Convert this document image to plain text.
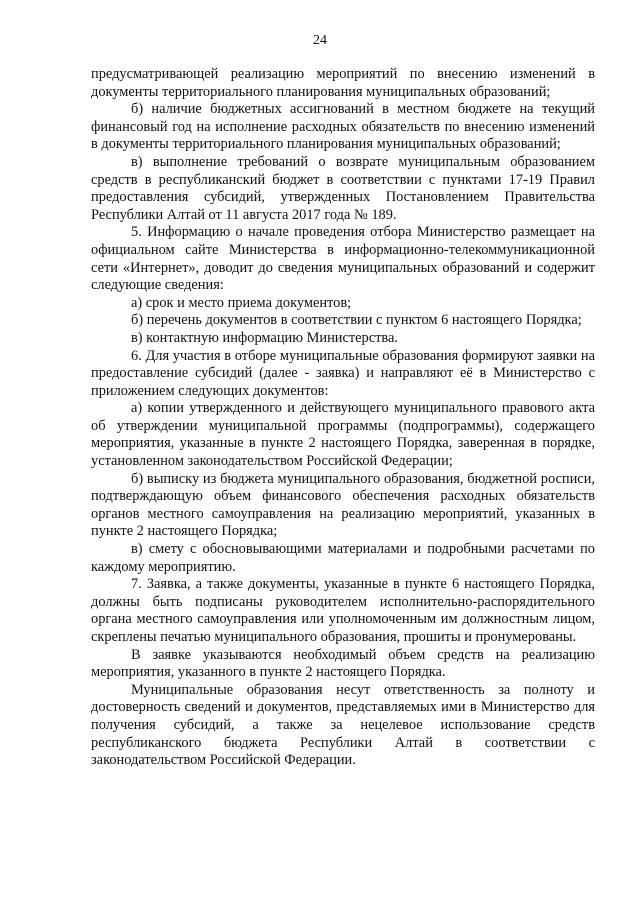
24

предусматривающей реализацию мероприятий по внесению изменений в документы территориального планирования муниципальных образований;

б) наличие бюджетных ассигнований в местном бюджете на текущий финансовый год на исполнение расходных обязательств по внесению изменений в документы территориального планирования муниципальных образований;

в) выполнение требований о возврате муниципальным образованием средств в республиканский бюджет в соответствии с пунктами 17-19 Правил предоставления субсидий, утвержденных Постановлением Правительства Республики Алтай от 11 августа 2017 года № 189.

5. Информацию о начале проведения отбора Министерство размещает на официальном сайте Министерства в информационно-телекоммуникационной сети «Интернет», доводит до сведения муниципальных образований и содержит следующие сведения:

а) срок и место приема документов;

б) перечень документов в соответствии с пунктом 6 настоящего Порядка;

в) контактную информацию Министерства.

6. Для участия в отборе муниципальные образования формируют заявки на предоставление субсидий (далее - заявка) и направляют её в Министерство с приложением следующих документов:

а) копии утвержденного и действующего муниципального правового акта об утверждении муниципальной программы (подпрограммы), содержащего мероприятия, указанные в пункте 2 настоящего Порядка, заверенная в порядке, установленном законодательством Российской Федерации;

б) выписку из бюджета муниципального образования, бюджетной росписи, подтверждающую объем финансового обеспечения расходных обязательств органов местного самоуправления на реализацию мероприятий, указанных в пункте 2 настоящего Порядка;

в) смету с обосновывающими материалами и подробными расчетами по каждому мероприятию.

7. Заявка, а также документы, указанные в пункте 6 настоящего Порядка, должны быть подписаны руководителем исполнительно-распорядительного органа местного самоуправления или уполномоченным им должностным лицом, скреплены печатью муниципального образования, прошиты и пронумерованы.

В заявке указываются необходимый объем средств на реализацию мероприятия, указанного в пункте 2 настоящего Порядка.

Муниципальные образования несут ответственность за полноту и достоверность сведений и документов, представляемых ими в Министерство для получения субсидий, а также за нецелевое использование средств республиканского бюджета Республики Алтай в соответствии с законодательством Российской Федерации.
